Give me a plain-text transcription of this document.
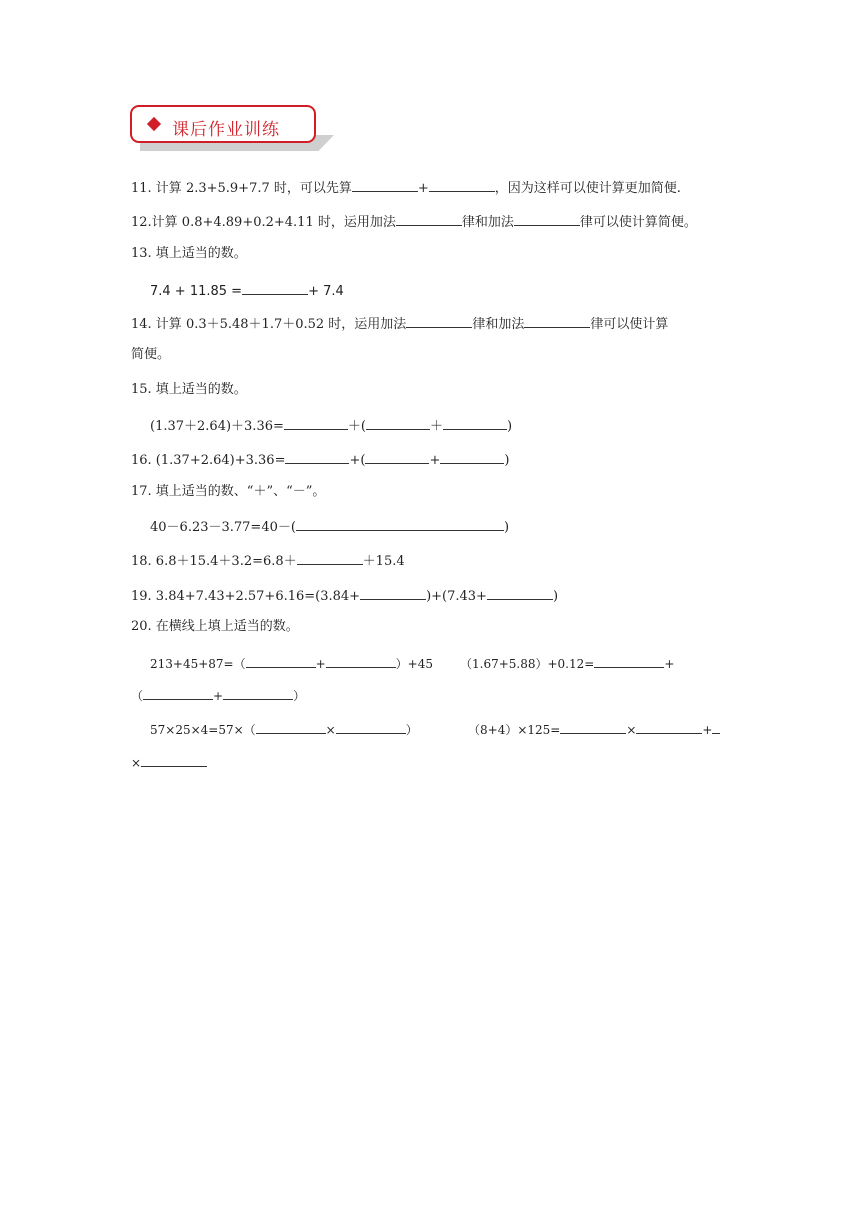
课后作业训练
11. 计算 2.3+5.9+7.7 时，可以先算	+	，因为这样可以使计算更加简便.
12.计算 0.8+4.89+0.2+4.11 时，运用加法	律和加法	律可以使计算简便。
13. 填上适当的数。
7.4 + 11.85 =	+ 7.4
14. 计算 0.3＋5.48＋1.7＋0.52 时，运用加法	律和加法	律可以使计算
简便。
15. 填上适当的数。
(1.37＋2.64)＋3.36=	＋(	＋	)
16. (1.37+2.64)+3.36=	+(	+	)
17. 填上适当的数、“＋”、“－”。
40－6.23－3.77=40－(	)
18. 6.8＋15.4＋3.2=6.8＋	＋15.4
19. 3.84+7.43+2.57+6.16=(3.84+	)+(7.43+	)
20. 在横线上填上适当的数。
213+45+87=（	+	）+45 （1.67+5.88）+0.12=	+
（	+	）
57×25×4=57×（	×	）	（8+4）×125=	×	+
×
